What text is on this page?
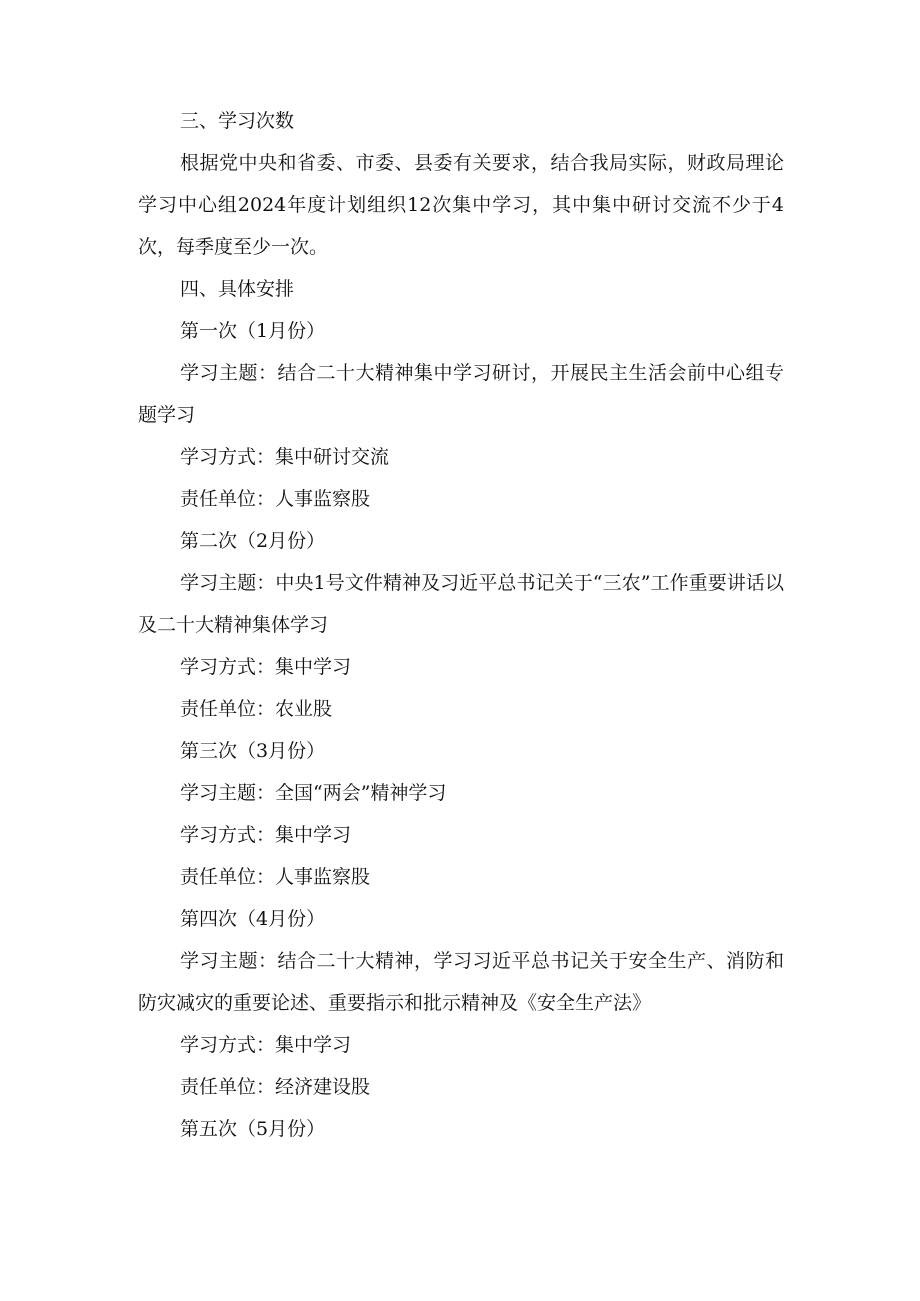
三、学习次数

根据党中央和省委、市委、县委有关要求，结合我局实际，财政局理论学习中心组2024年度计划组织12次集中学习，其中集中研讨交流不少于4次，每季度至少一次。

四、具体安排

第一次（1月份）

学习主题：结合二十大精神集中学习研讨，开展民主生活会前中心组专题学习

学习方式：集中研讨交流

责任单位：人事监察股

第二次（2月份）

学习主题：中央1号文件精神及习近平总书记关于“三农”工作重要讲话以及二十大精神集体学习

学习方式：集中学习

责任单位：农业股

第三次（3月份）

学习主题：全国“两会”精神学习

学习方式：集中学习

责任单位：人事监察股

第四次（4月份）

学习主题：结合二十大精神，学习习近平总书记关于安全生产、消防和防灾减灾的重要论述、重要指示和批示精神及《安全生产法》

学习方式：集中学习

责任单位：经济建设股

第五次（5月份）
